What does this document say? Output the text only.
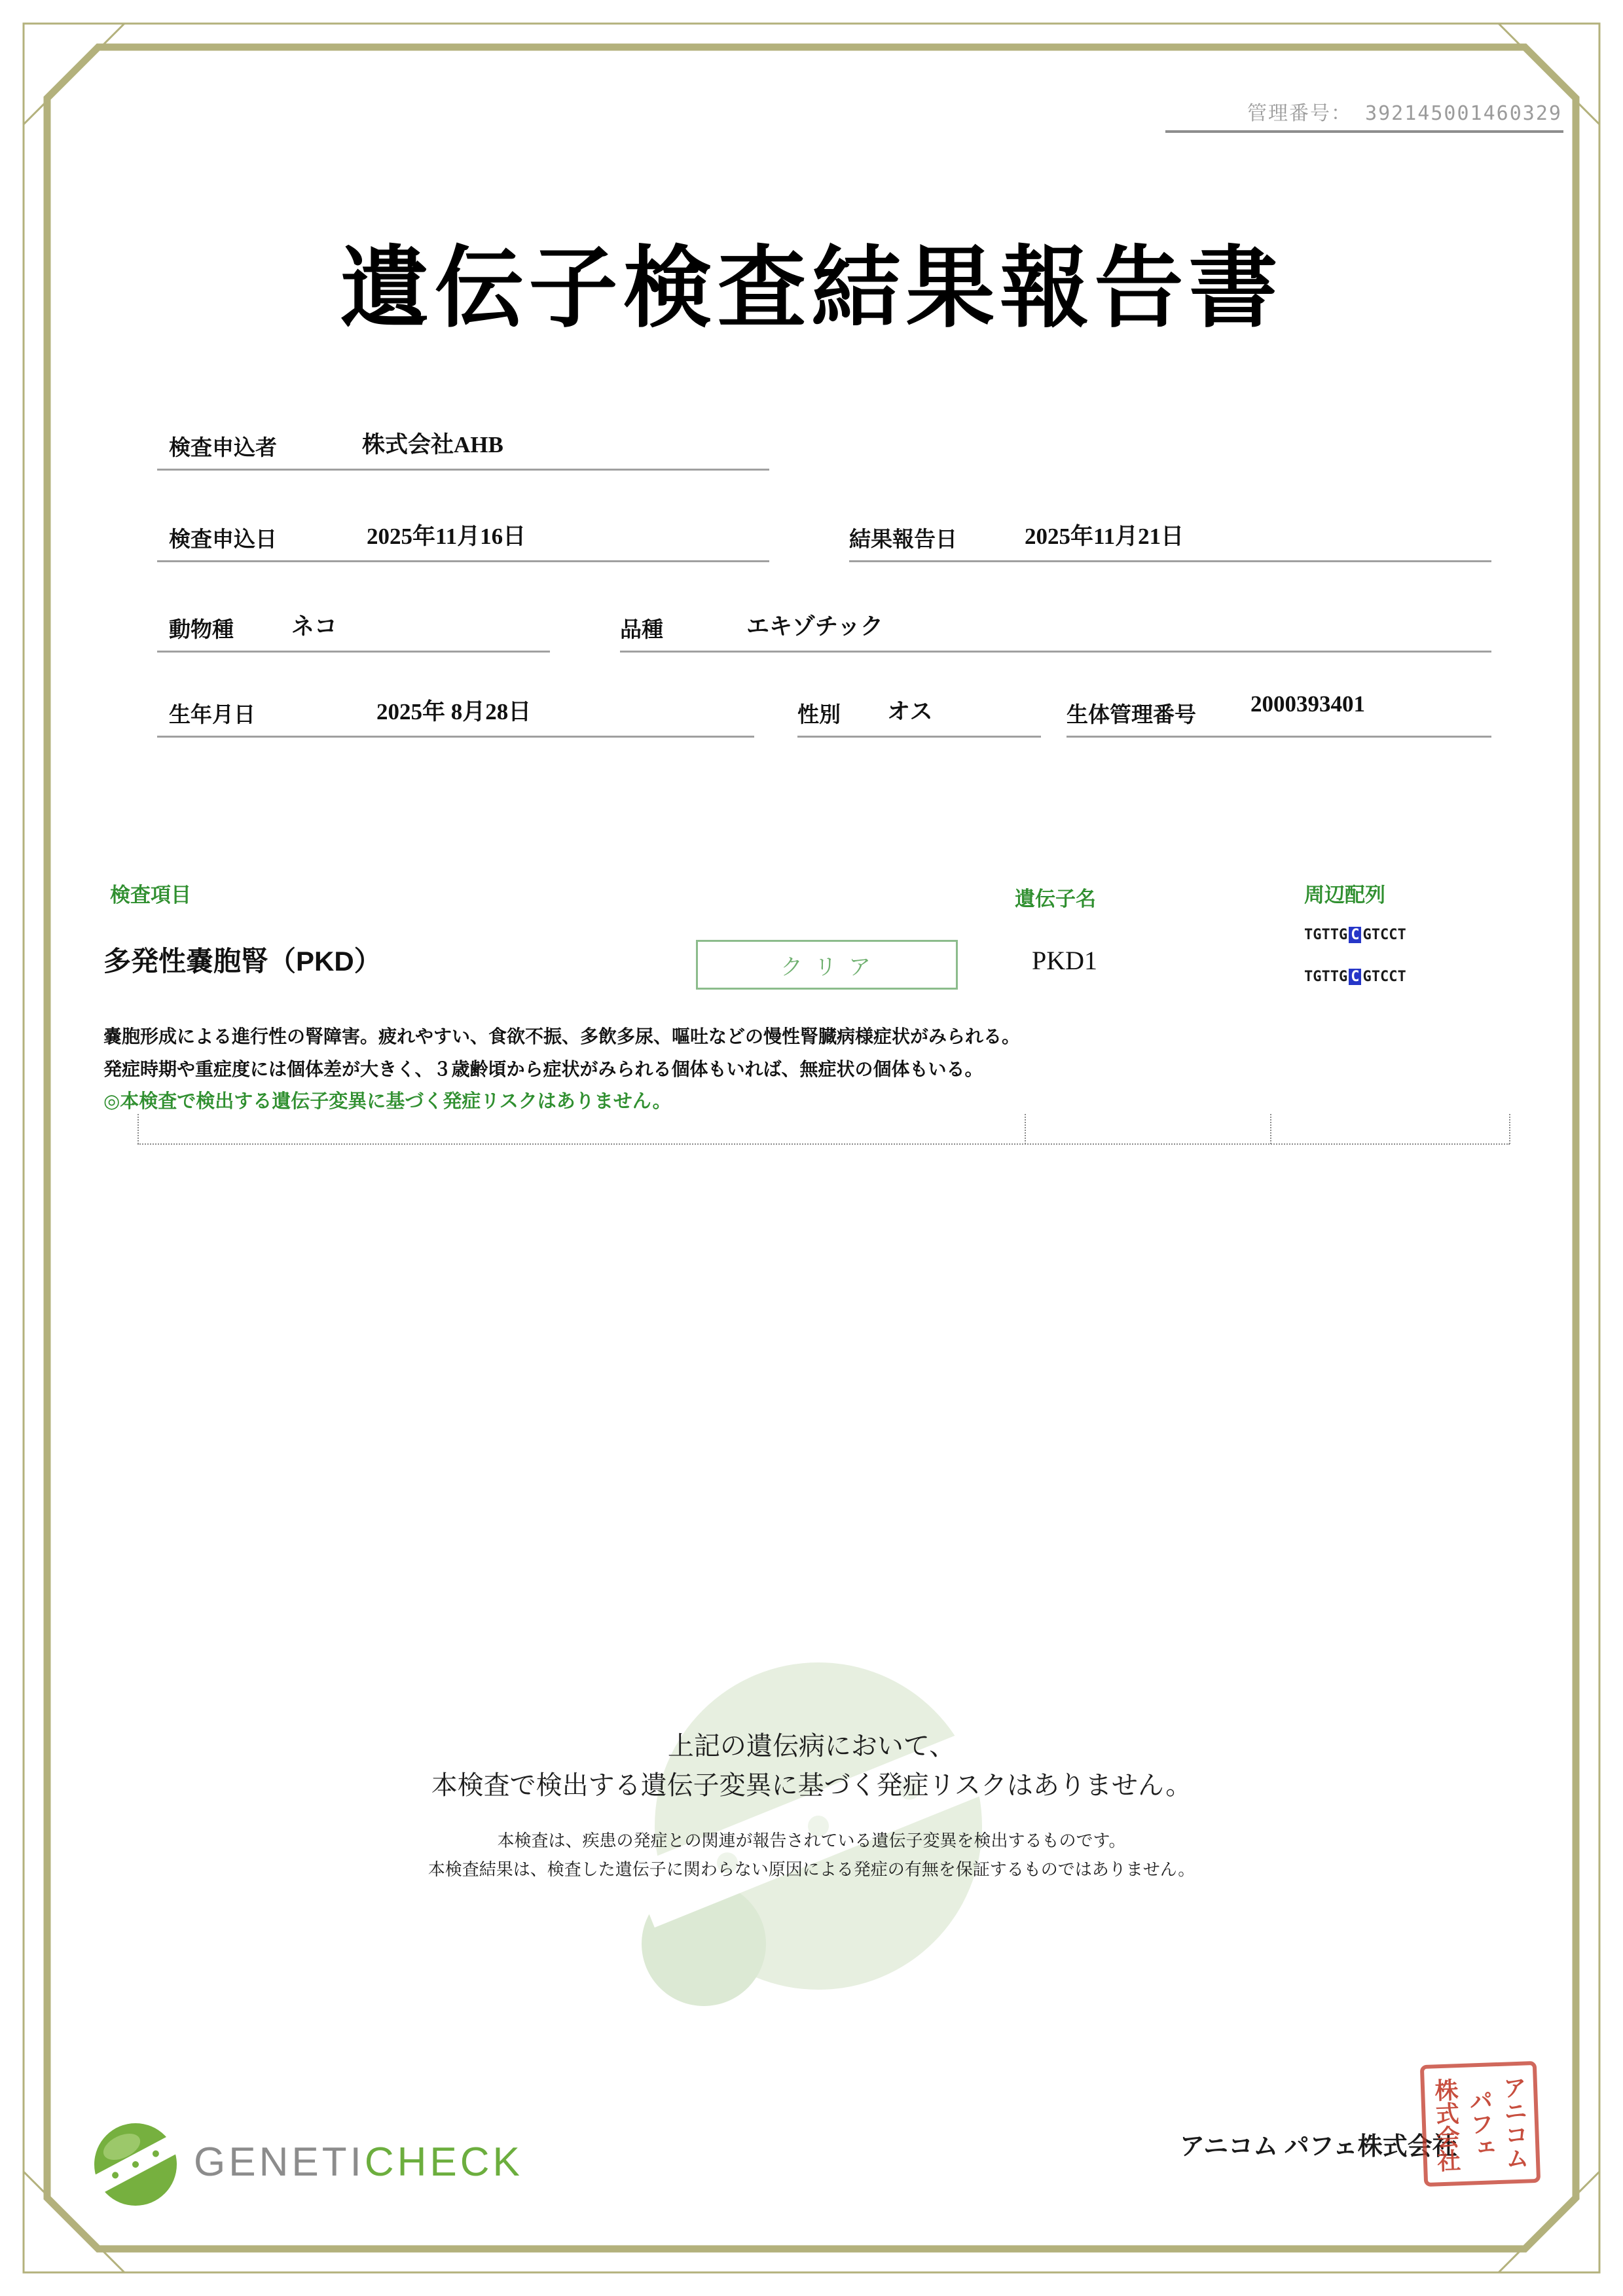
管理番号： 392145001460329
遺伝子検査結果報告書
検査申込者	株式会社AHB
検査申込日	2025年11月16日	結果報告日	2025年11月21日
動物種	ネコ	品種	エキゾチック
生年月日	2025年 8月28日	性別 オス	生体管理番号 2000393401
検査項目	遺伝子名	周辺配列
多発性嚢胞腎（PKD）	クリア	PKD1
TGTTG C GTCCT
TGTTG C GTCCT
嚢胞形成による進行性の腎障害。疲れやすい、食欲不振、多飲多尿、嘔吐などの慢性腎臓病様症状がみられる。
発症時期や重症度には個体差が大きく、３歳齢頃から症状がみられる個体もいれば、無症状の個体もいる。
◎本検査で検出する遺伝子変異に基づく発症リスクはありません。
上記の遺伝病において、
本検査で検出する遺伝子変異に基づく発症リスクはありません。
本検査は、疾患の発症との関連が報告されている遺伝子変異を検出するものです。
本検査結果は、検査した遺伝子に関わらない原因による発症の有無を保証するものではありません。
GENETICHECK	アニコム パフェ株式会社 アニコム
パフェ
株式会社
